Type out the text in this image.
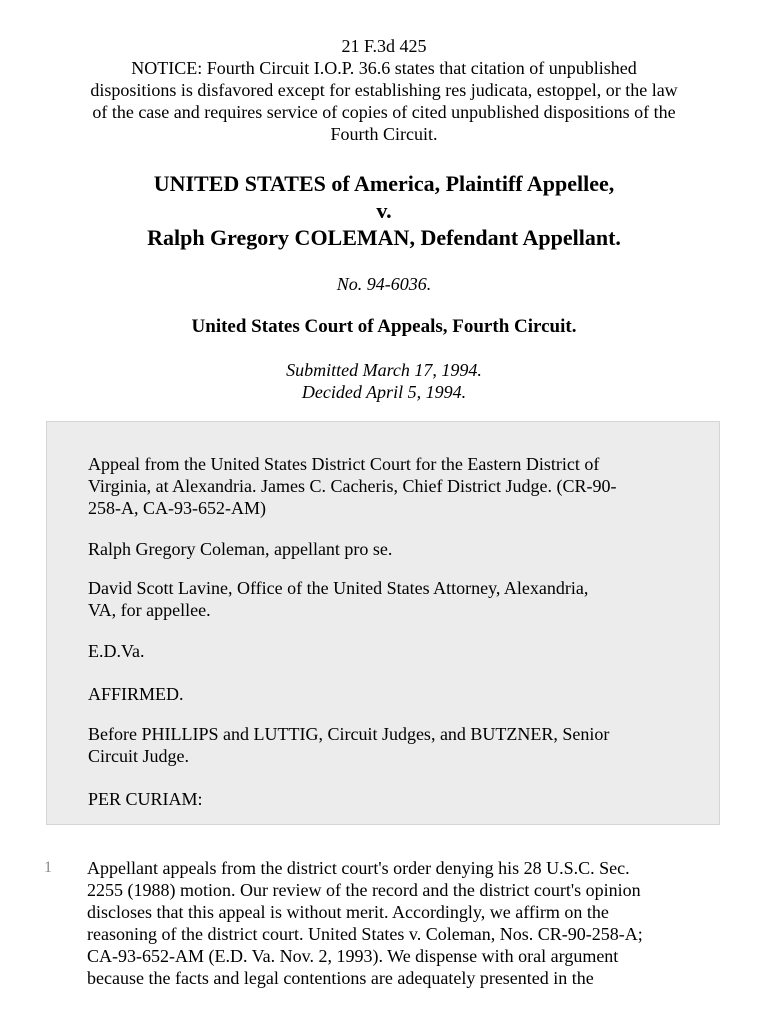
21 F.3d 425

NOTICE: Fourth Circuit I.O.P. 36.6 states that citation of unpublished

dispositions is disfavored except for establishing res judicata, estoppel, or the law

of the case and requires service of copies of cited unpublished dispositions of the

Fourth Circuit.

UNITED STATES of America, Plaintiff Appellee,

v.

Ralph Gregory COLEMAN, Defendant Appellant.

No. 94-6036.
United States Court of Appeals, Fourth Circuit.

Submitted March 17, 1994.

Decided April 5, 1994.

Appeal from the United States District Court for the Eastern District of
Virginia, at Alexandria. James C. Cacheris, Chief District Judge. (CR-90-
258-A, CA-93-652-AM)
Ralph Gregory Coleman, appellant pro se.
David Scott Lavine, Office of the United States Attorney, Alexandria,
VA, for appellee.
E.D.Va.
AFFIRMED.
Before PHILLIPS and LUTTIG, Circuit Judges, and BUTZNER, Senior
Circuit Judge.
PER CURIAM:
1 Appellant appeals from the district court's order denying his 28 U.S.C. Sec.
2255 (1988) motion. Our review of the record and the district court's opinion
discloses that this appeal is without merit. Accordingly, we affirm on the
reasoning of the district court. United States v. Coleman, Nos. CR-90-258-A;
CA-93-652-AM (E.D. Va. Nov. 2, 1993). We dispense with oral argument
because the facts and legal contentions are adequately presented in the
